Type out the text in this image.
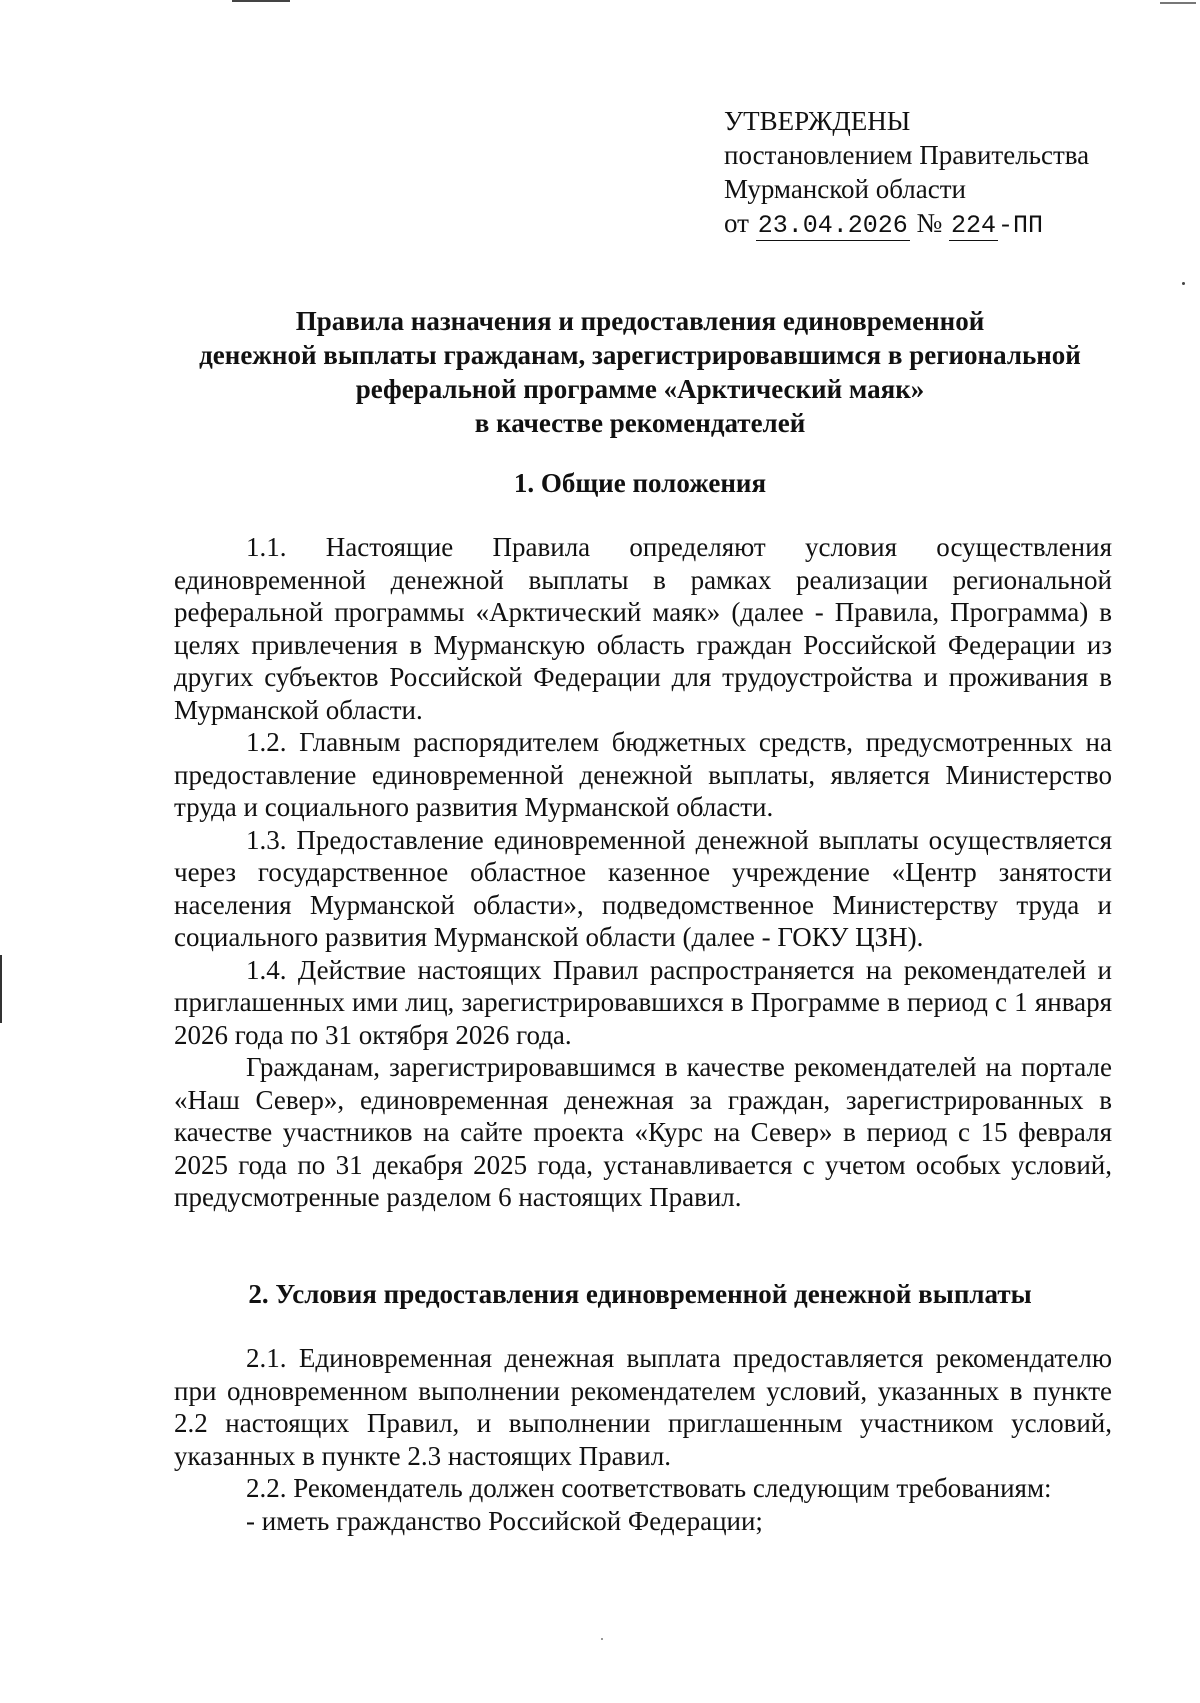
УТВЕРЖДЕНЫ
постановлением Правительства
Мурманской области
от 23.04.2026 № 224-ПП
Правила назначения и предоставления единовременной
денежной выплаты гражданам, зарегистрировавшимся в региональной
реферальной программе «Арктический маяк»
в качестве рекомендателей
1. Общие положения

1.1. Настоящие Правила определяют условия осуществления единовременной денежной выплаты в рамках реализации региональной реферальной программы «Арктический маяк» (далее - Правила, Программа) в целях привлечения в Мурманскую область граждан Российской Федерации из других субъектов Российской Федерации для трудоустройства и проживания в Мурманской области.

1.2. Главным распорядителем бюджетных средств, предусмотренных на предоставление единовременной денежной выплаты, является Министерство труда и социального развития Мурманской области.

1.3. Предоставление единовременной денежной выплаты осуществляется через государственное областное казенное учреждение «Центр занятости населения Мурманской области», подведомственное Министерству труда и социального развития Мурманской области (далее - ГОКУ ЦЗН).

1.4. Действие настоящих Правил распространяется на рекомендателей и приглашенных ими лиц, зарегистрировавшихся в Программе в период с 1 января 2026 года по 31 октября 2026 года.

Гражданам, зарегистрировавшимся в качестве рекомендателей на портале «Наш Север», единовременная денежная за граждан, зарегистрированных в качестве участников на сайте проекта «Курс на Север» в период с 15 февраля 2025 года по 31 декабря 2025 года, устанавливается с учетом особых условий, предусмотренные разделом 6 настоящих Правил.

2. Условия предоставления единовременной денежной выплаты

2.1. Единовременная денежная выплата предоставляется рекомендателю при одновременном выполнении рекомендателем условий, указанных в пункте 2.2 настоящих Правил, и выполнении приглашенным участником условий, указанных в пункте 2.3 настоящих Правил.

2.2. Рекомендатель должен соответствовать следующим требованиям:

- иметь гражданство Российской Федерации;
